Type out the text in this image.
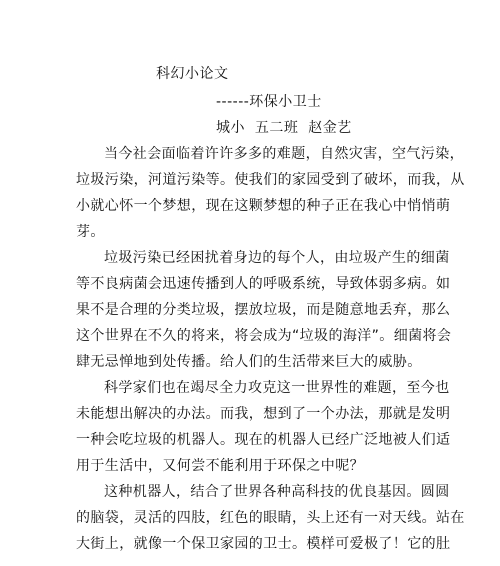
科幻小论文
------环保小卫士
城小  五二班  赵金艺
当今社会面临着许许多多的难题，自然灾害，空气污染，
垃圾污染，河道污染等。使我们的家园受到了破坏，而我，从
小就心怀一个梦想，现在这颗梦想的种子正在我心中悄悄萌
芽。
垃圾污染已经困扰着身边的每个人，由垃圾产生的细菌
等不良病菌会迅速传播到人的呼吸系统，导致体弱多病。如
果不是合理的分类垃圾，摆放垃圾，而是随意地丢弃，那么
这个世界在不久的将来，将会成为“垃圾的海洋”。细菌将会
肆无忌惮地到处传播。给人们的生活带来巨大的威胁。
科学家们也在竭尽全力攻克这一世界性的难题，至今也
未能想出解决的办法。而我，想到了一个办法，那就是发明
一种会吃垃圾的机器人。现在的机器人已经广泛地被人们适
用于生活中，又何尝不能利用于环保之中呢？
这种机器人，结合了世界各种高科技的优良基因。圆圆
的脑袋，灵活的四肢，红色的眼睛，头上还有一对天线。站在
大街上，就像一个保卫家园的卫士。模样可爱极了！它的肚
